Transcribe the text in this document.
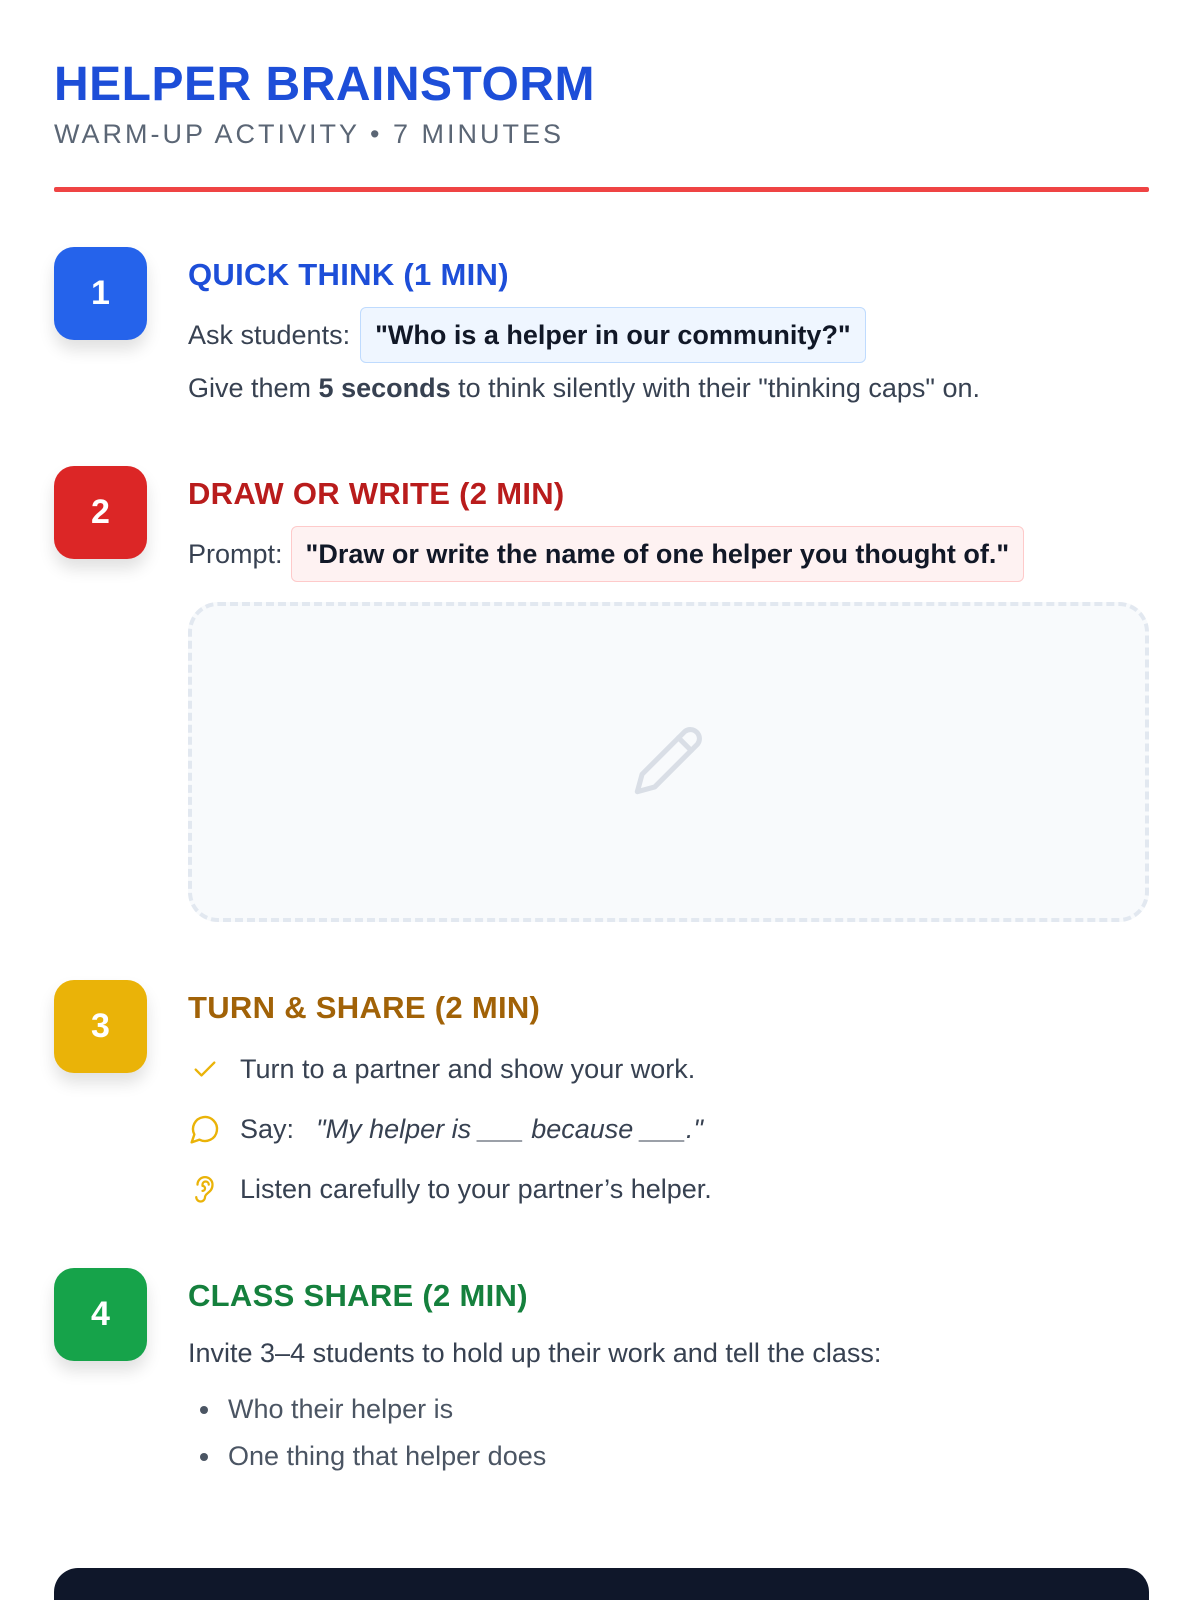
HELPER BRAINSTORM
WARM-UP ACTIVITY • 7 MINUTES
1	QUICK THINK (1 MIN)
Ask students: "Who is a helper in our community?"
Give them 5 seconds to think silently with their "thinking caps" on.
2	DRAW OR WRITE (2 MIN)
Prompt: "Draw or write the name of one helper you thought of."
3	TURN & SHARE (2 MIN)
Turn to a partner and show your work.
Say: "My helper is ___ because ___."
Listen carefully to your partner’s helper.
4	CLASS SHARE (2 MIN)
Invite 3–4 students to hold up their work and tell the class:
Who their helper is
One thing that helper does
